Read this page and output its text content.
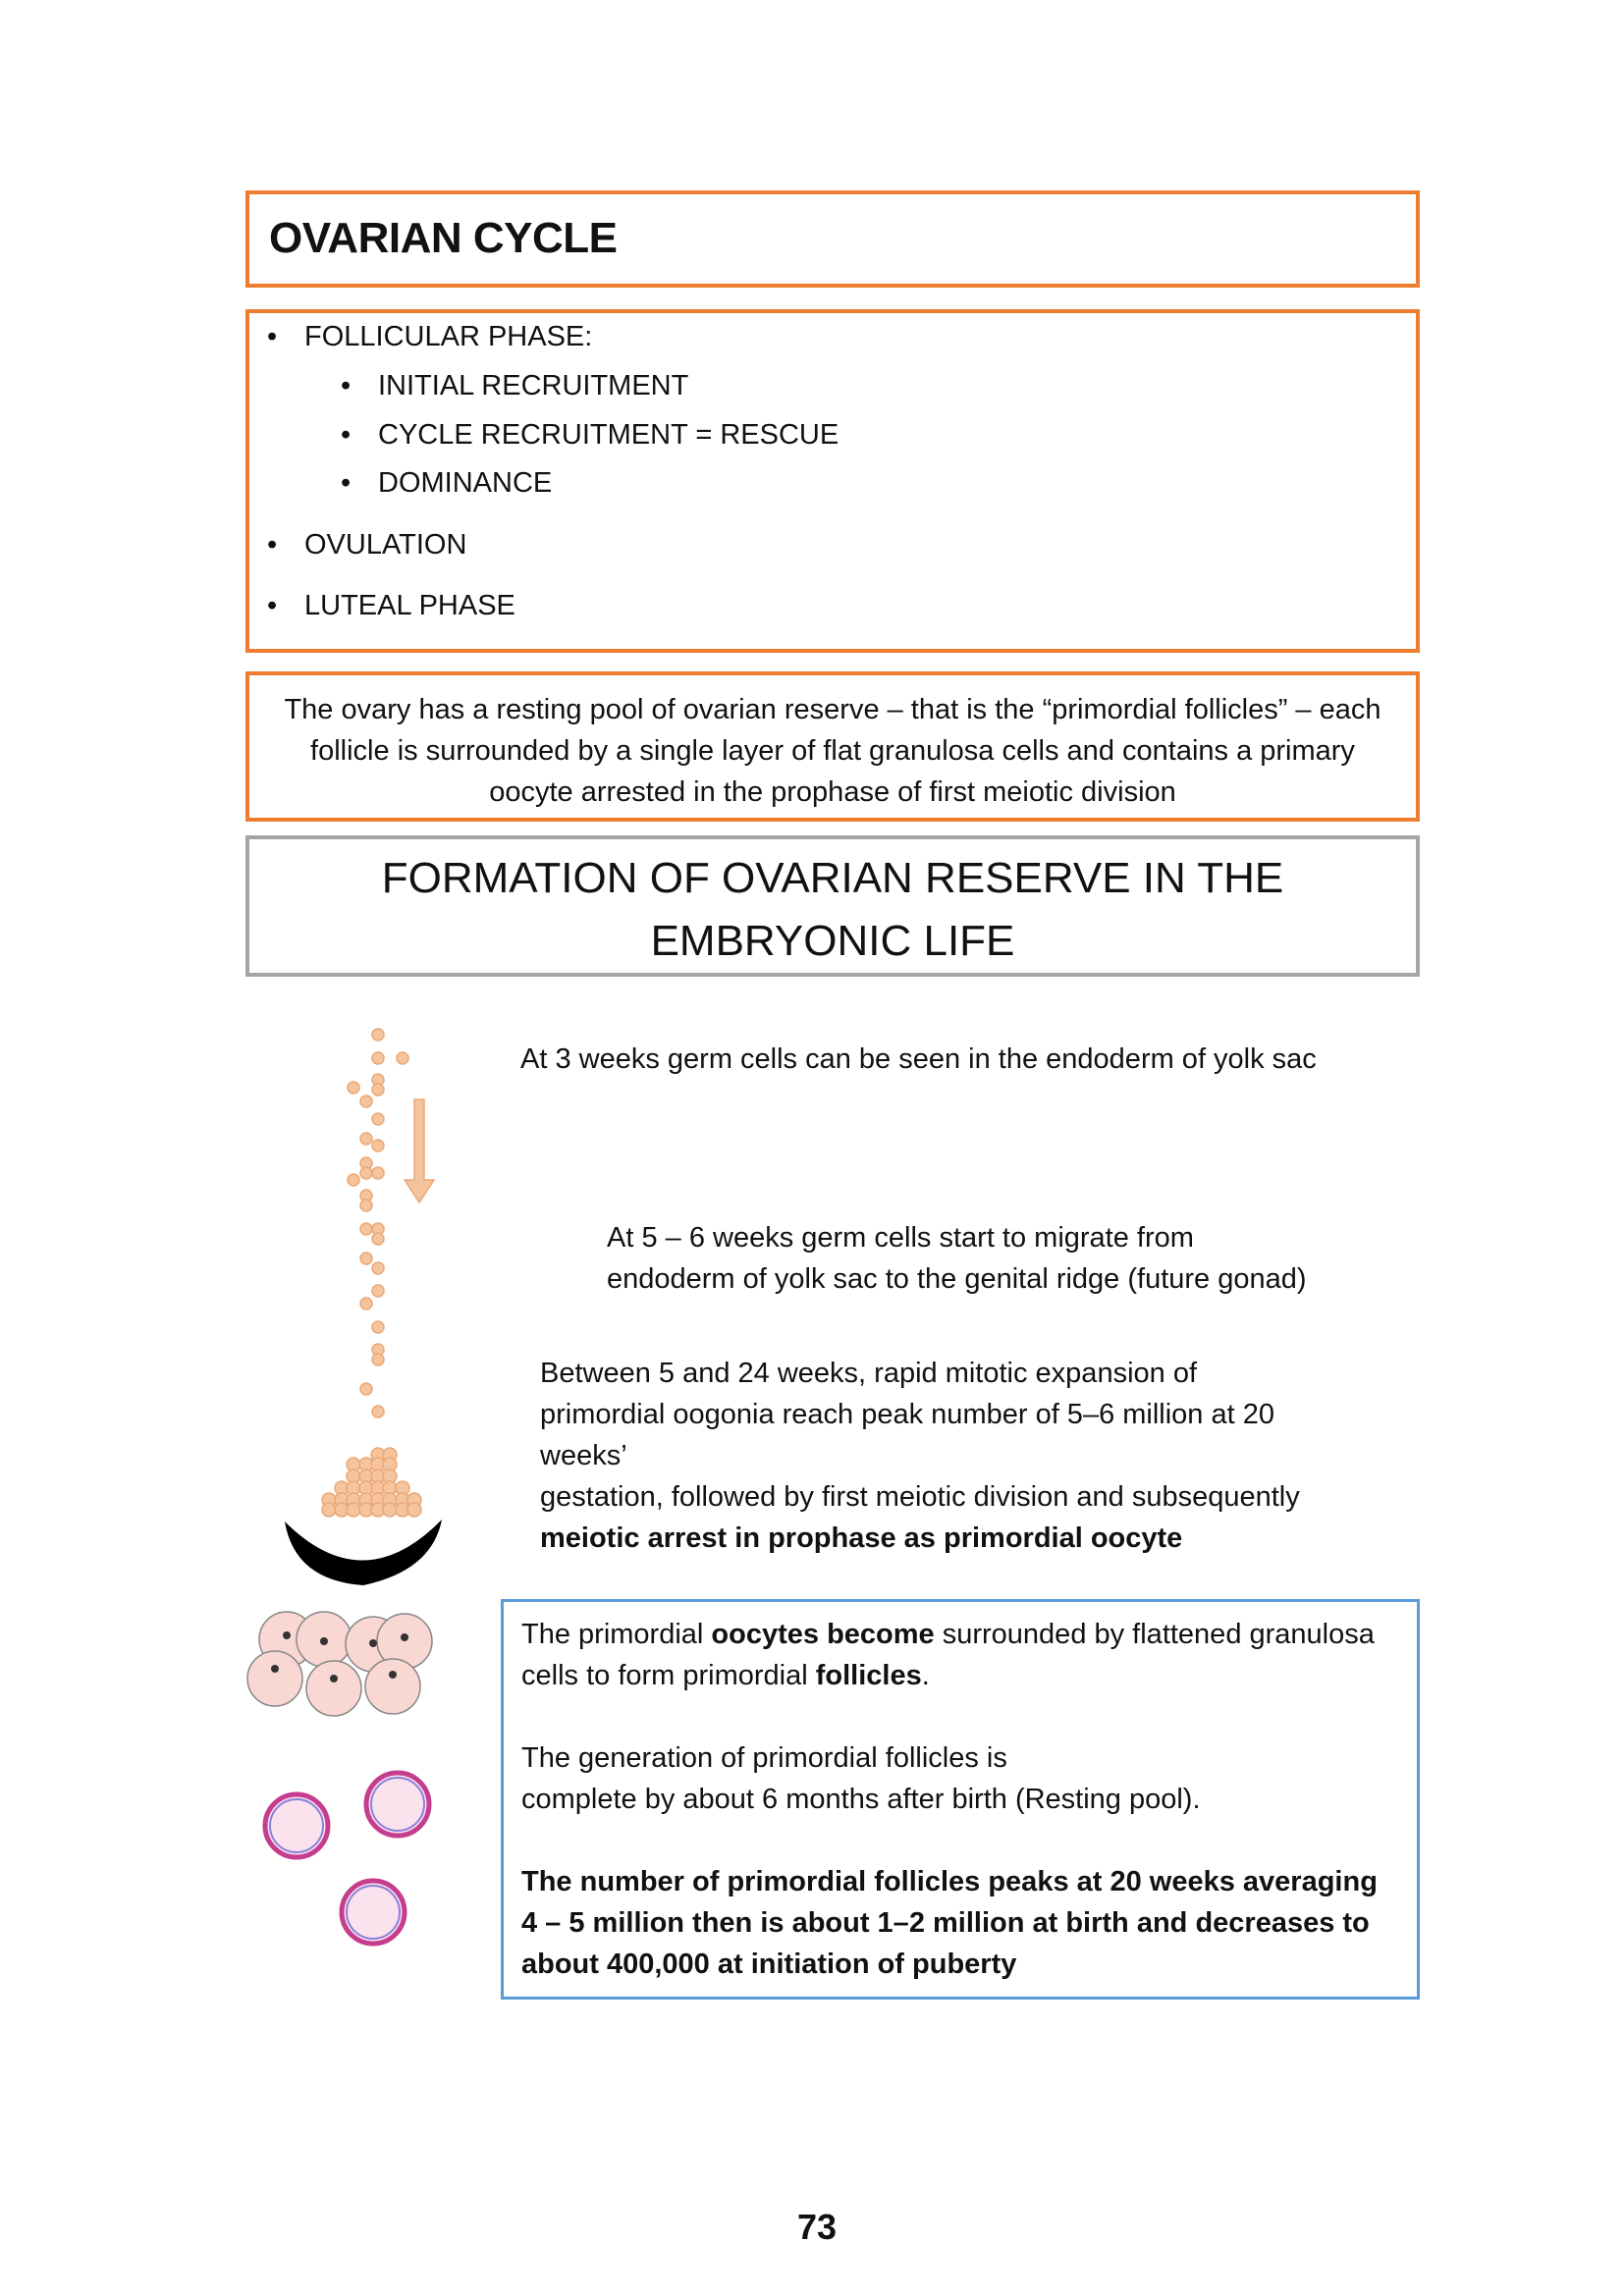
OVARIAN CYCLE
• FOLLICULAR PHASE:
• INITIAL RECRUITMENT
• CYCLE RECRUITMENT = RESCUE
• DOMINANCE
• OVULATION
• LUTEAL PHASE
The ovary has a resting pool of ovarian reserve – that is the “primordial follicles” – each follicle is surrounded by a single layer of flat granulosa cells and contains a primary oocyte arrested in the prophase of first meiotic division
FORMATION OF OVARIAN RESERVE IN THE EMBRYONIC LIFE
At 3 weeks germ cells can be seen in the endoderm of yolk sac
At 5 – 6 weeks germ cells start to migrate from
endoderm of yolk sac to the genital ridge (future gonad)
Between 5 and 24 weeks, rapid mitotic expansion of
primordial oogonia reach peak number of 5–6 million at 20
weeks’
gestation, followed by first meiotic division and subsequently
meiotic arrest in prophase as primordial oocyte

The primordial oocytes become surrounded by flattened granulosa cells to form primordial follicles.

The generation of primordial follicles is
complete by about 6 months after birth (Resting pool).

The number of primordial follicles peaks at 20 weeks averaging 4 – 5 million then is about 1–2 million at birth and decreases to about 400,000 at initiation of puberty

73
